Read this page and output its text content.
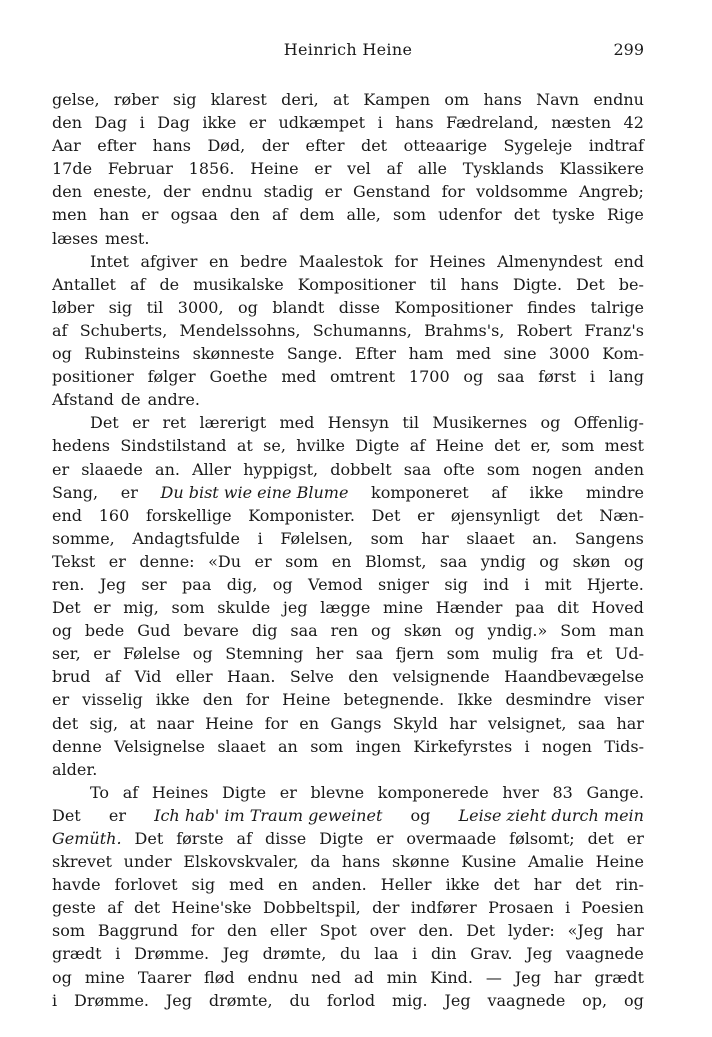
Heinrich Heine	299
gelse, røber sig klarest deri, at Kampen om hans Navn endnu
den Dag i Dag ikke er udkæmpet i hans Fædreland, næsten 42
Aar efter hans Død, der efter det otteaarige Sygeleje indtraf
17de Februar 1856. Heine er vel af alle Tysklands Klassikere
den eneste, der endnu stadig er Genstand for voldsomme Angreb;
men han er ogsaa den af dem alle, som udenfor det tyske Rige
læses mest.
Intet afgiver en bedre Maalestok for Heines Almenyndest end
Antallet af de musikalske Kompositioner til hans Digte. Det be-
løber sig til 3000, og blandt disse Kompositioner findes talrige
af Schuberts, Mendelssohns, Schumanns, Brahms's, Robert Franz's
og Rubinsteins skønneste Sange. Efter ham med sine 3000 Kom-
positioner følger Goethe med omtrent 1700 og saa først i lang
Afstand de andre.
Det er ret lærerigt med Hensyn til Musikernes og Offenlig-
hedens Sindstilstand at se, hvilke Digte af Heine det er, som mest
er slaaede an. Aller hyppigst, dobbelt saa ofte som nogen anden
Sang, er Du bist wie eine Blume komponeret af ikke mindre
end 160 forskellige Komponister. Det er øjensynligt det Næn-
somme, Andagtsfulde i Følelsen, som har slaaet an. Sangens
Tekst er denne: «Du er som en Blomst, saa yndig og skøn og
ren. Jeg ser paa dig, og Vemod sniger sig ind i mit Hjerte.
Det er mig, som skulde jeg lægge mine Hænder paa dit Hoved
og bede Gud bevare dig saa ren og skøn og yndig.» Som man
ser, er Følelse og Stemning her saa fjern som mulig fra et Ud-
brud af Vid eller Haan. Selve den velsignende Haandbevægelse
er visselig ikke den for Heine betegnende. Ikke desmindre viser
det sig, at naar Heine for en Gangs Skyld har velsignet, saa har
denne Velsignelse slaaet an som ingen Kirkefyrstes i nogen Tids-
alder.
To af Heines Digte er blevne komponerede hver 83 Gange.
Det er Ich hab' im Traum geweinet og Leise zieht durch mein
Gemüth. Det første af disse Digte er overmaade følsomt; det er
skrevet under Elskovskvaler, da hans skønne Kusine Amalie Heine
havde forlovet sig med en anden. Heller ikke det har det rin-
geste af det Heine'ske Dobbeltspil, der indfører Prosaen i Poesien
som Baggrund for den eller Spot over den. Det lyder: «Jeg har
grædt i Drømme. Jeg drømte, du laa i din Grav. Jeg vaagnede
og mine Taarer flød endnu ned ad min Kind. — Jeg har grædt
i Drømme. Jeg drømte, du forlod mig. Jeg vaagnede op, og
